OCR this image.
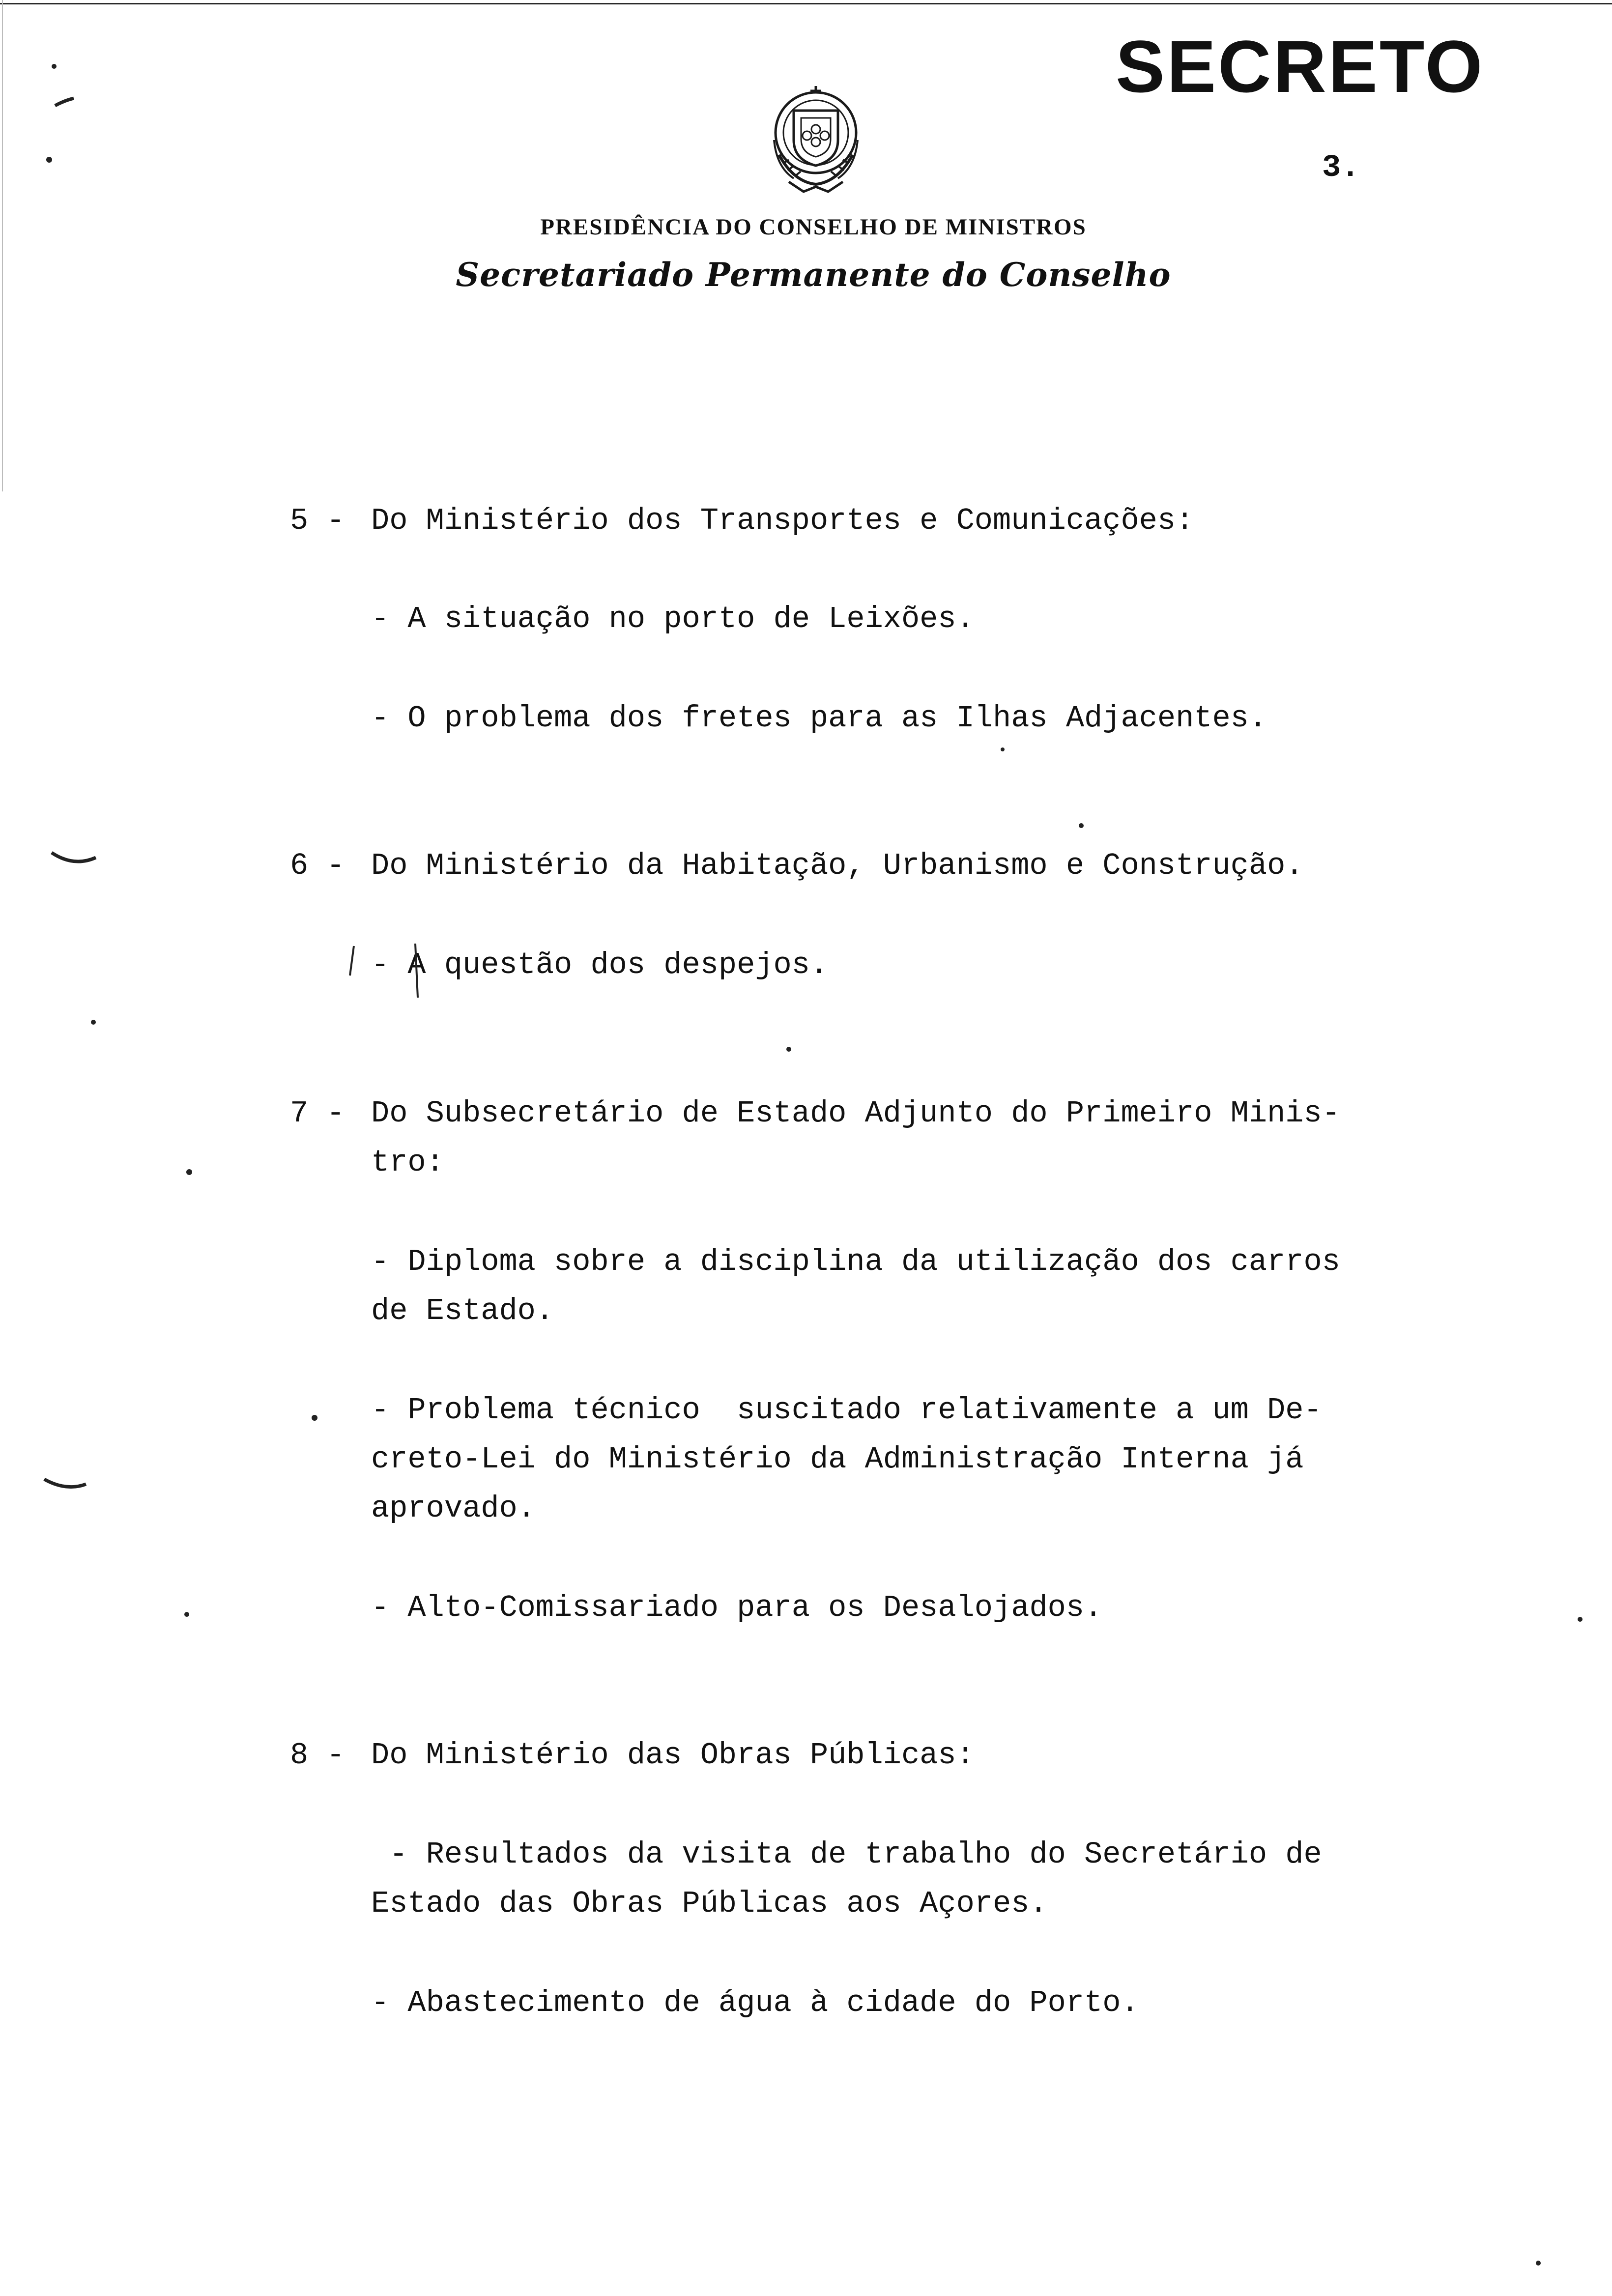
SECRETO
3.
PRESIDÊNCIA DO CONSELHO DE MINISTROS
Secretariado Permanente do Conselho
5 - Do Ministério dos Transportes e Comunicações:
- A situação no porto de Leixões.
- O problema dos fretes para as Ilhas Adjacentes.
6 - Do Ministério da Habitação, Urbanismo e Construção.
- A questão dos despejos.
7 - Do Subsecretário de Estado Adjunto do Primeiro Minis-
tro:
- Diploma sobre a disciplina da utilização dos carros
de Estado.
- Problema técnico  suscitado relativamente a um De-
creto-Lei do Ministério da Administração Interna já
aprovado.
- Alto-Comissariado para os Desalojados.
8 - Do Ministério das Obras Públicas:
- Resultados da visita de trabalho do Secretário de
Estado das Obras Públicas aos Açores.
- Abastecimento de água à cidade do Porto.
